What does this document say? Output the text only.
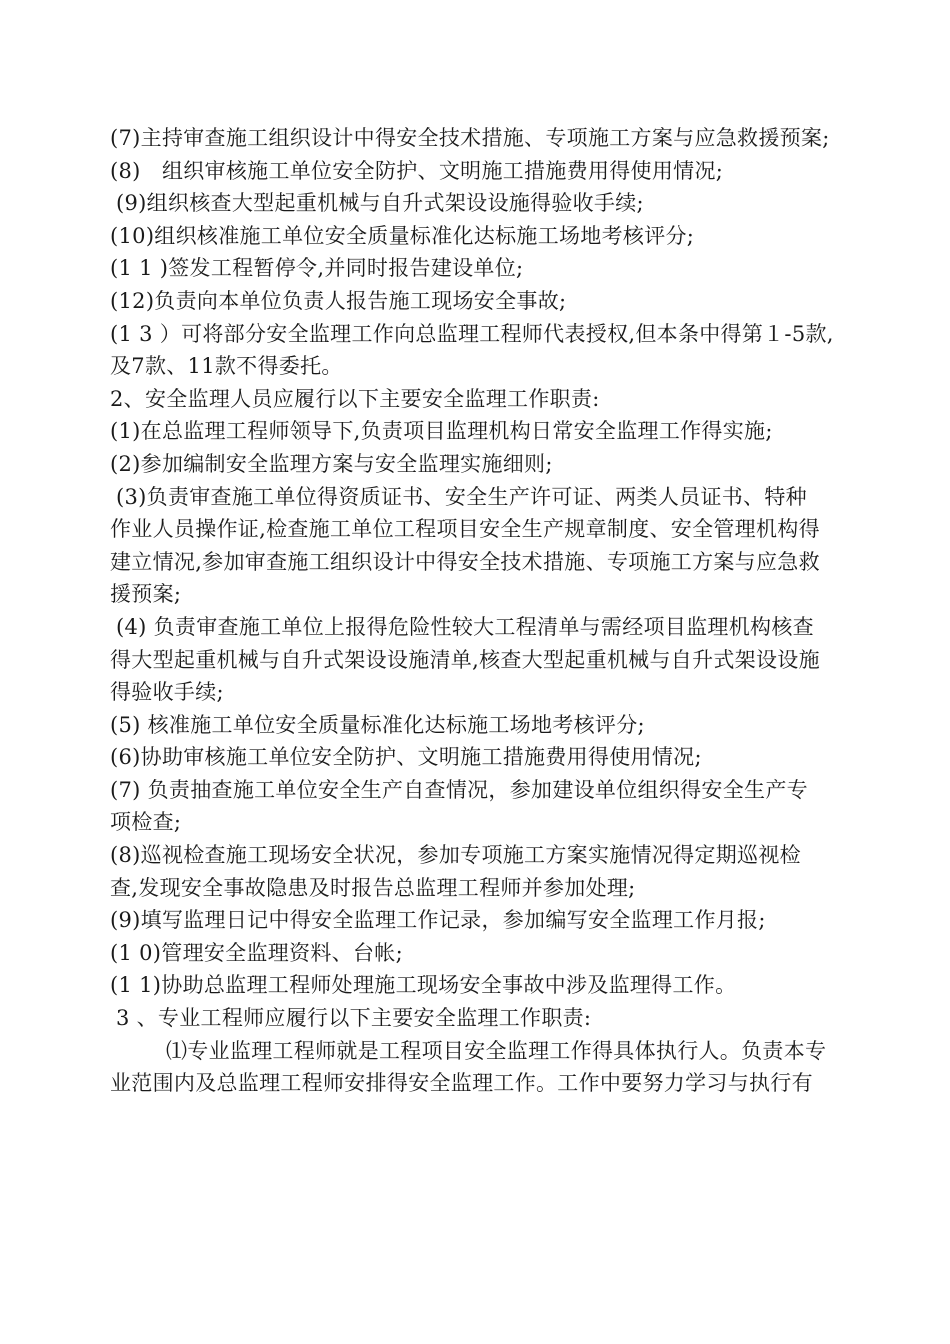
(7)主持审查施工组织设计中得安全技术措施、专项施工方案与应急救援预案;
(8)　组织审核施工单位安全防护、文明施工措施费用得使用情况;
(9)组织核查大型起重机械与自升式架设设施得验收手续;
(10)组织核准施工单位安全质量标准化达标施工场地考核评分;
(1 1 )签发工程暂停令,并同时报告建设单位;
(12)负责向本单位负责人报告施工现场安全事故;
(1 3 ）可将部分安全监理工作向总监理工程师代表授权,但本条中得第１-5款,
及7款、11款不得委托。
2、安全监理人员应履行以下主要安全监理工作职责:
(1)在总监理工程师领导下,负责项目监理机构日常安全监理工作得实施;
(2)参加编制安全监理方案与安全监理实施细则;
(3)负责审查施工单位得资质证书、安全生产许可证、两类人员证书、特种
作业人员操作证,检查施工单位工程项目安全生产规章制度、安全管理机构得
建立情况,参加审查施工组织设计中得安全技术措施、专项施工方案与应急救
援预案;
(4) 负责审查施工单位上报得危险性较大工程清单与需经项目监理机构核查
得大型起重机械与自升式架设设施清单,核查大型起重机械与自升式架设设施
得验收手续;
(5) 核准施工单位安全质量标准化达标施工场地考核评分;
(6)协助审核施工单位安全防护、文明施工措施费用得使用情况;
(7) 负责抽查施工单位安全生产自查情况，参加建设单位组织得安全生产专
项检查;
(8)巡视检查施工现场安全状况，参加专项施工方案实施情况得定期巡视检
查,发现安全事故隐患及时报告总监理工程师并参加处理;
(9)填写监理日记中得安全监理工作记录，参加编写安全监理工作月报;
(1 0)管理安全监理资料、台帐;
(1 1)协助总监理工程师处理施工现场安全事故中涉及监理得工作。
3 、专业工程师应履行以下主要安全监理工作职责:
⑴专业监理工程师就是工程项目安全监理工作得具体执行人。负责本专
业范围内及总监理工程师安排得安全监理工作。工作中要努力学习与执行有
